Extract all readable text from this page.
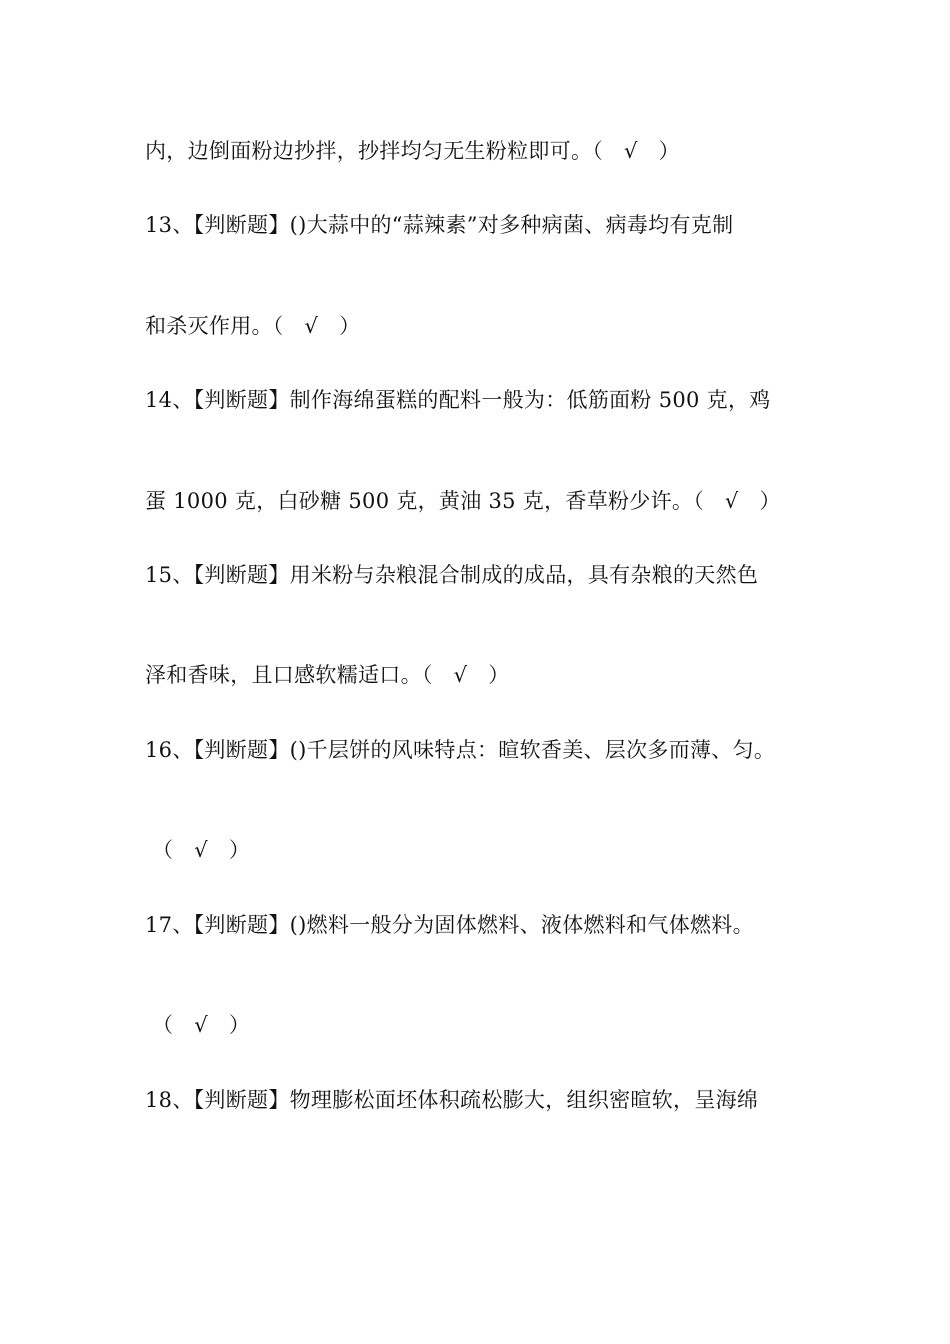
内，边倒面粉边抄拌，抄拌均匀无生粉粒即可。（   √   ）

13、【判断题】()大蒜中的“蒜辣素”对多种病菌、病毒均有克制

和杀灭作用。（   √   ）

14、【判断题】制作海绵蛋糕的配料一般为：低筋面粉 500 克，鸡

蛋 1000 克，白砂糖 500 克，黄油 35 克，香草粉少许。（   √   ）

15、【判断题】用米粉与杂粮混合制成的成品，具有杂粮的天然色

泽和香味，且口感软糯适口。（   √   ）

16、【判断题】()千层饼的风味特点：暄软香美、层次多而薄、匀。

（   √   ）

17、【判断题】()燃料一般分为固体燃料、液体燃料和气体燃料。

（   √   ）

18、【判断题】物理膨松面坯体积疏松膨大，组织密暄软，呈海绵
